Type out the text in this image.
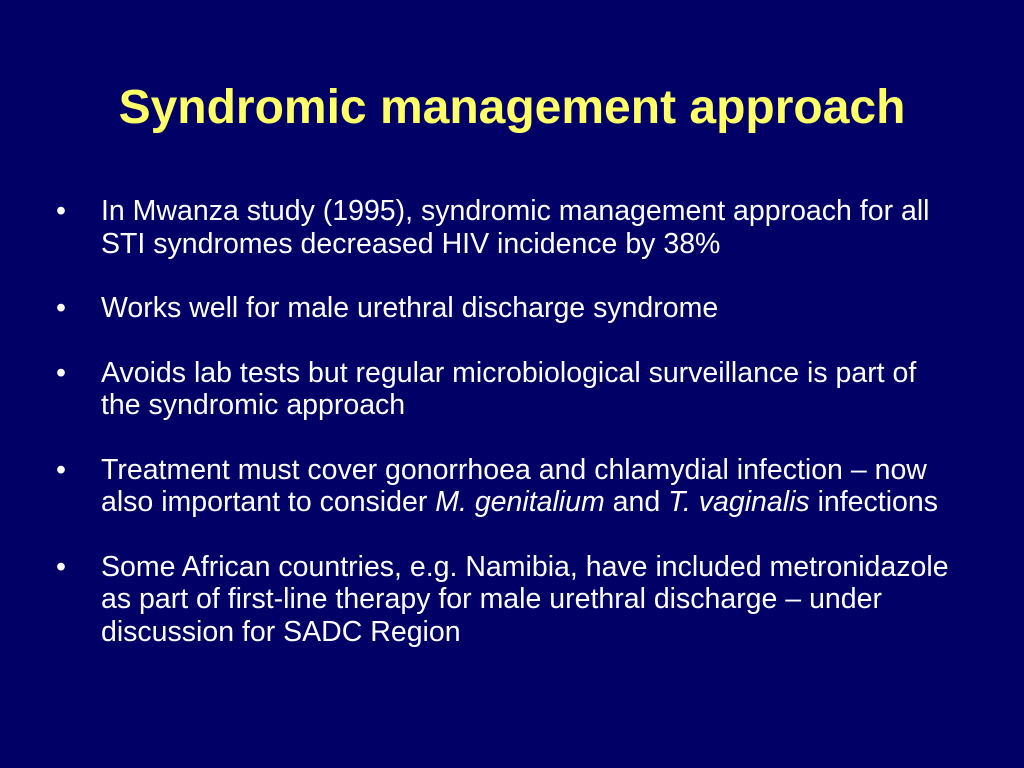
Syndromic management approach
•	In Mwanza study (1995), syndromic management approach for all STI syndromes decreased HIV incidence by 38%
•	Works well for male urethral discharge syndrome
•	Avoids lab tests but regular microbiological surveillance is part of the syndromic approach
•	Treatment must cover gonorrhoea and chlamydial infection – now also important to consider M. genitalium and T. vaginalis infections
•	Some African countries, e.g. Namibia, have included metronidazole as part of first-line therapy for male urethral discharge – under discussion for SADC Region
